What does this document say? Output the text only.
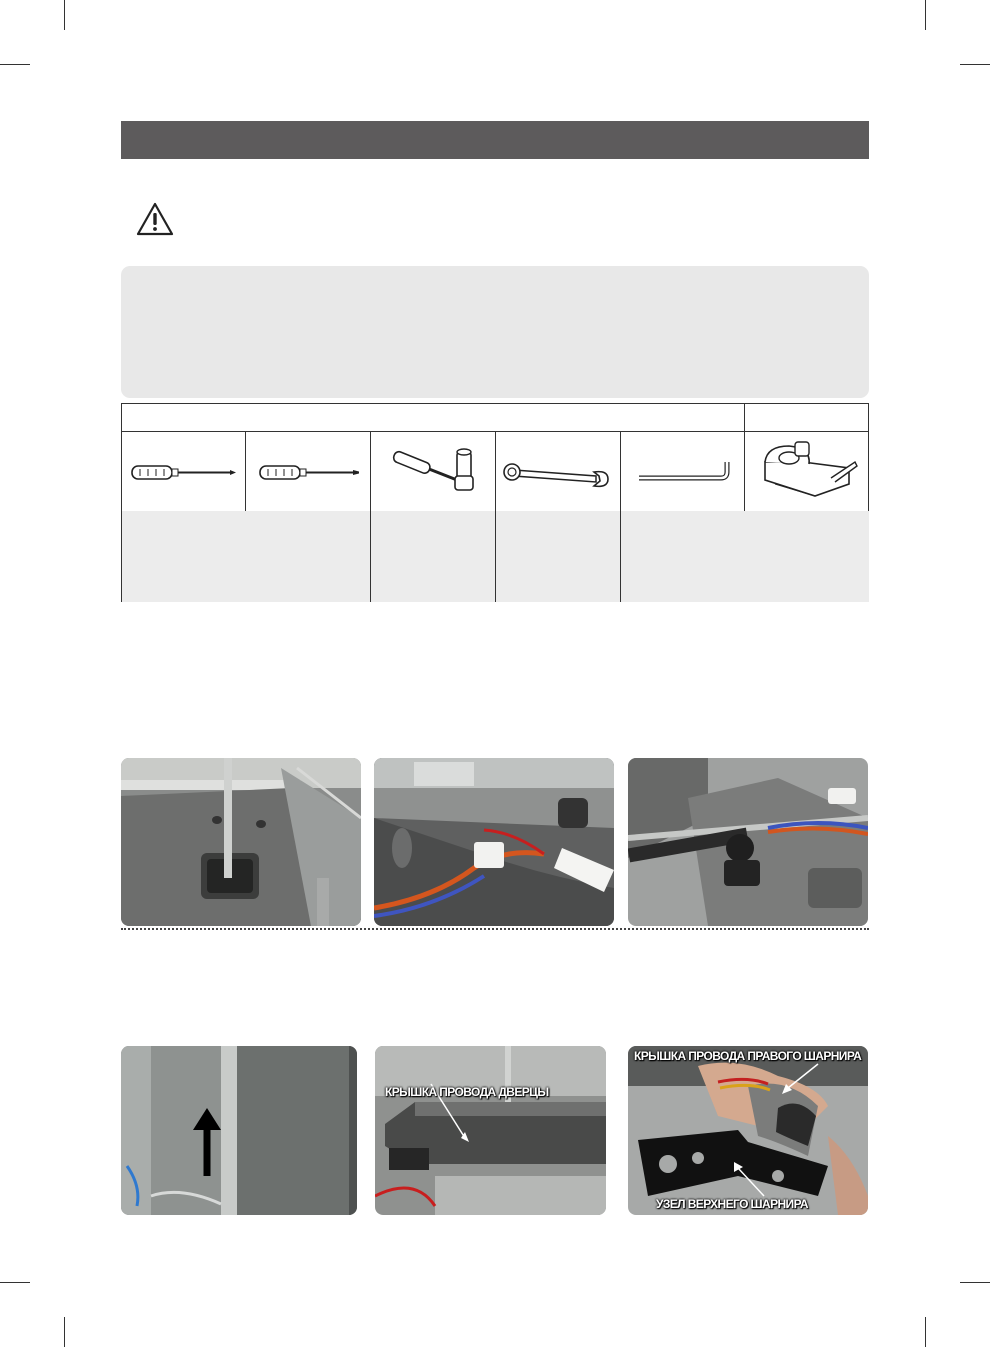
КРЫШКА ПРОВОДА ДВЕРЦЫ
КРЫШКА ПРОВОДА ПРАВОГО ШАРНИРА
УЗЕЛ ВЕРХНЕГО ШАРНИРА
